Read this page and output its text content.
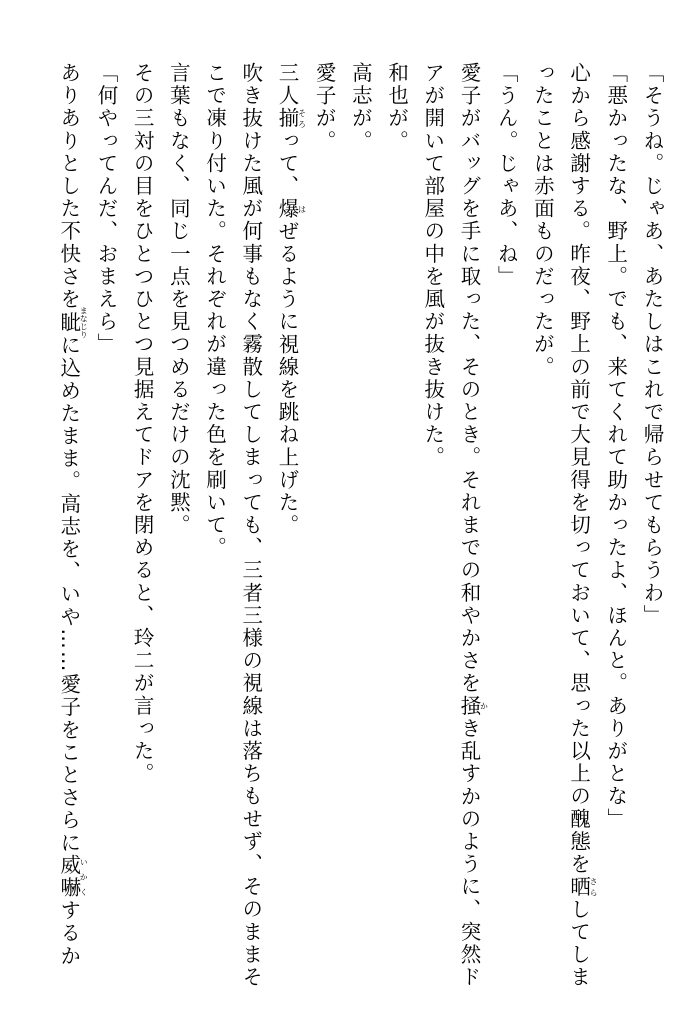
「そうね。じゃあ、あたしはこれで帰らせてもらうわ」
「悪かったな、野上。でも、来てくれて助かったよ、ほんと。ありがとな」
心から感謝する。昨夜、野上の前で大見得を切っておいて、思った以上の醜態を晒さらしてしま
ったことは赤面ものだったが。
「うん。じゃあ、ね」
愛子がバッグを手に取った、そのとき。それまでの和やかさを掻かき乱すかのように、突然ド
アが開いて部屋の中を風が抜き抜けた。
和也が。
高志が。
愛子が。
三人揃そろって、爆はぜるように視線を跳ね上げた。
吹き抜けた風が何事もなく霧散してしまっても、三者三様の視線は落ちもせず、そのままそ
こで凍り付いた。それぞれが違った色を刷いて。
言葉もなく、同じ一点を見つめるだけの沈黙。
その三対の目をひとつひとつ見据えてドアを閉めると、玲二が言った。
「何やってんだ、おまえら」
ありありとした不快さを眦まなじりに込めたまま。高志を、いや……愛子をことさらに威嚇いかくするか
